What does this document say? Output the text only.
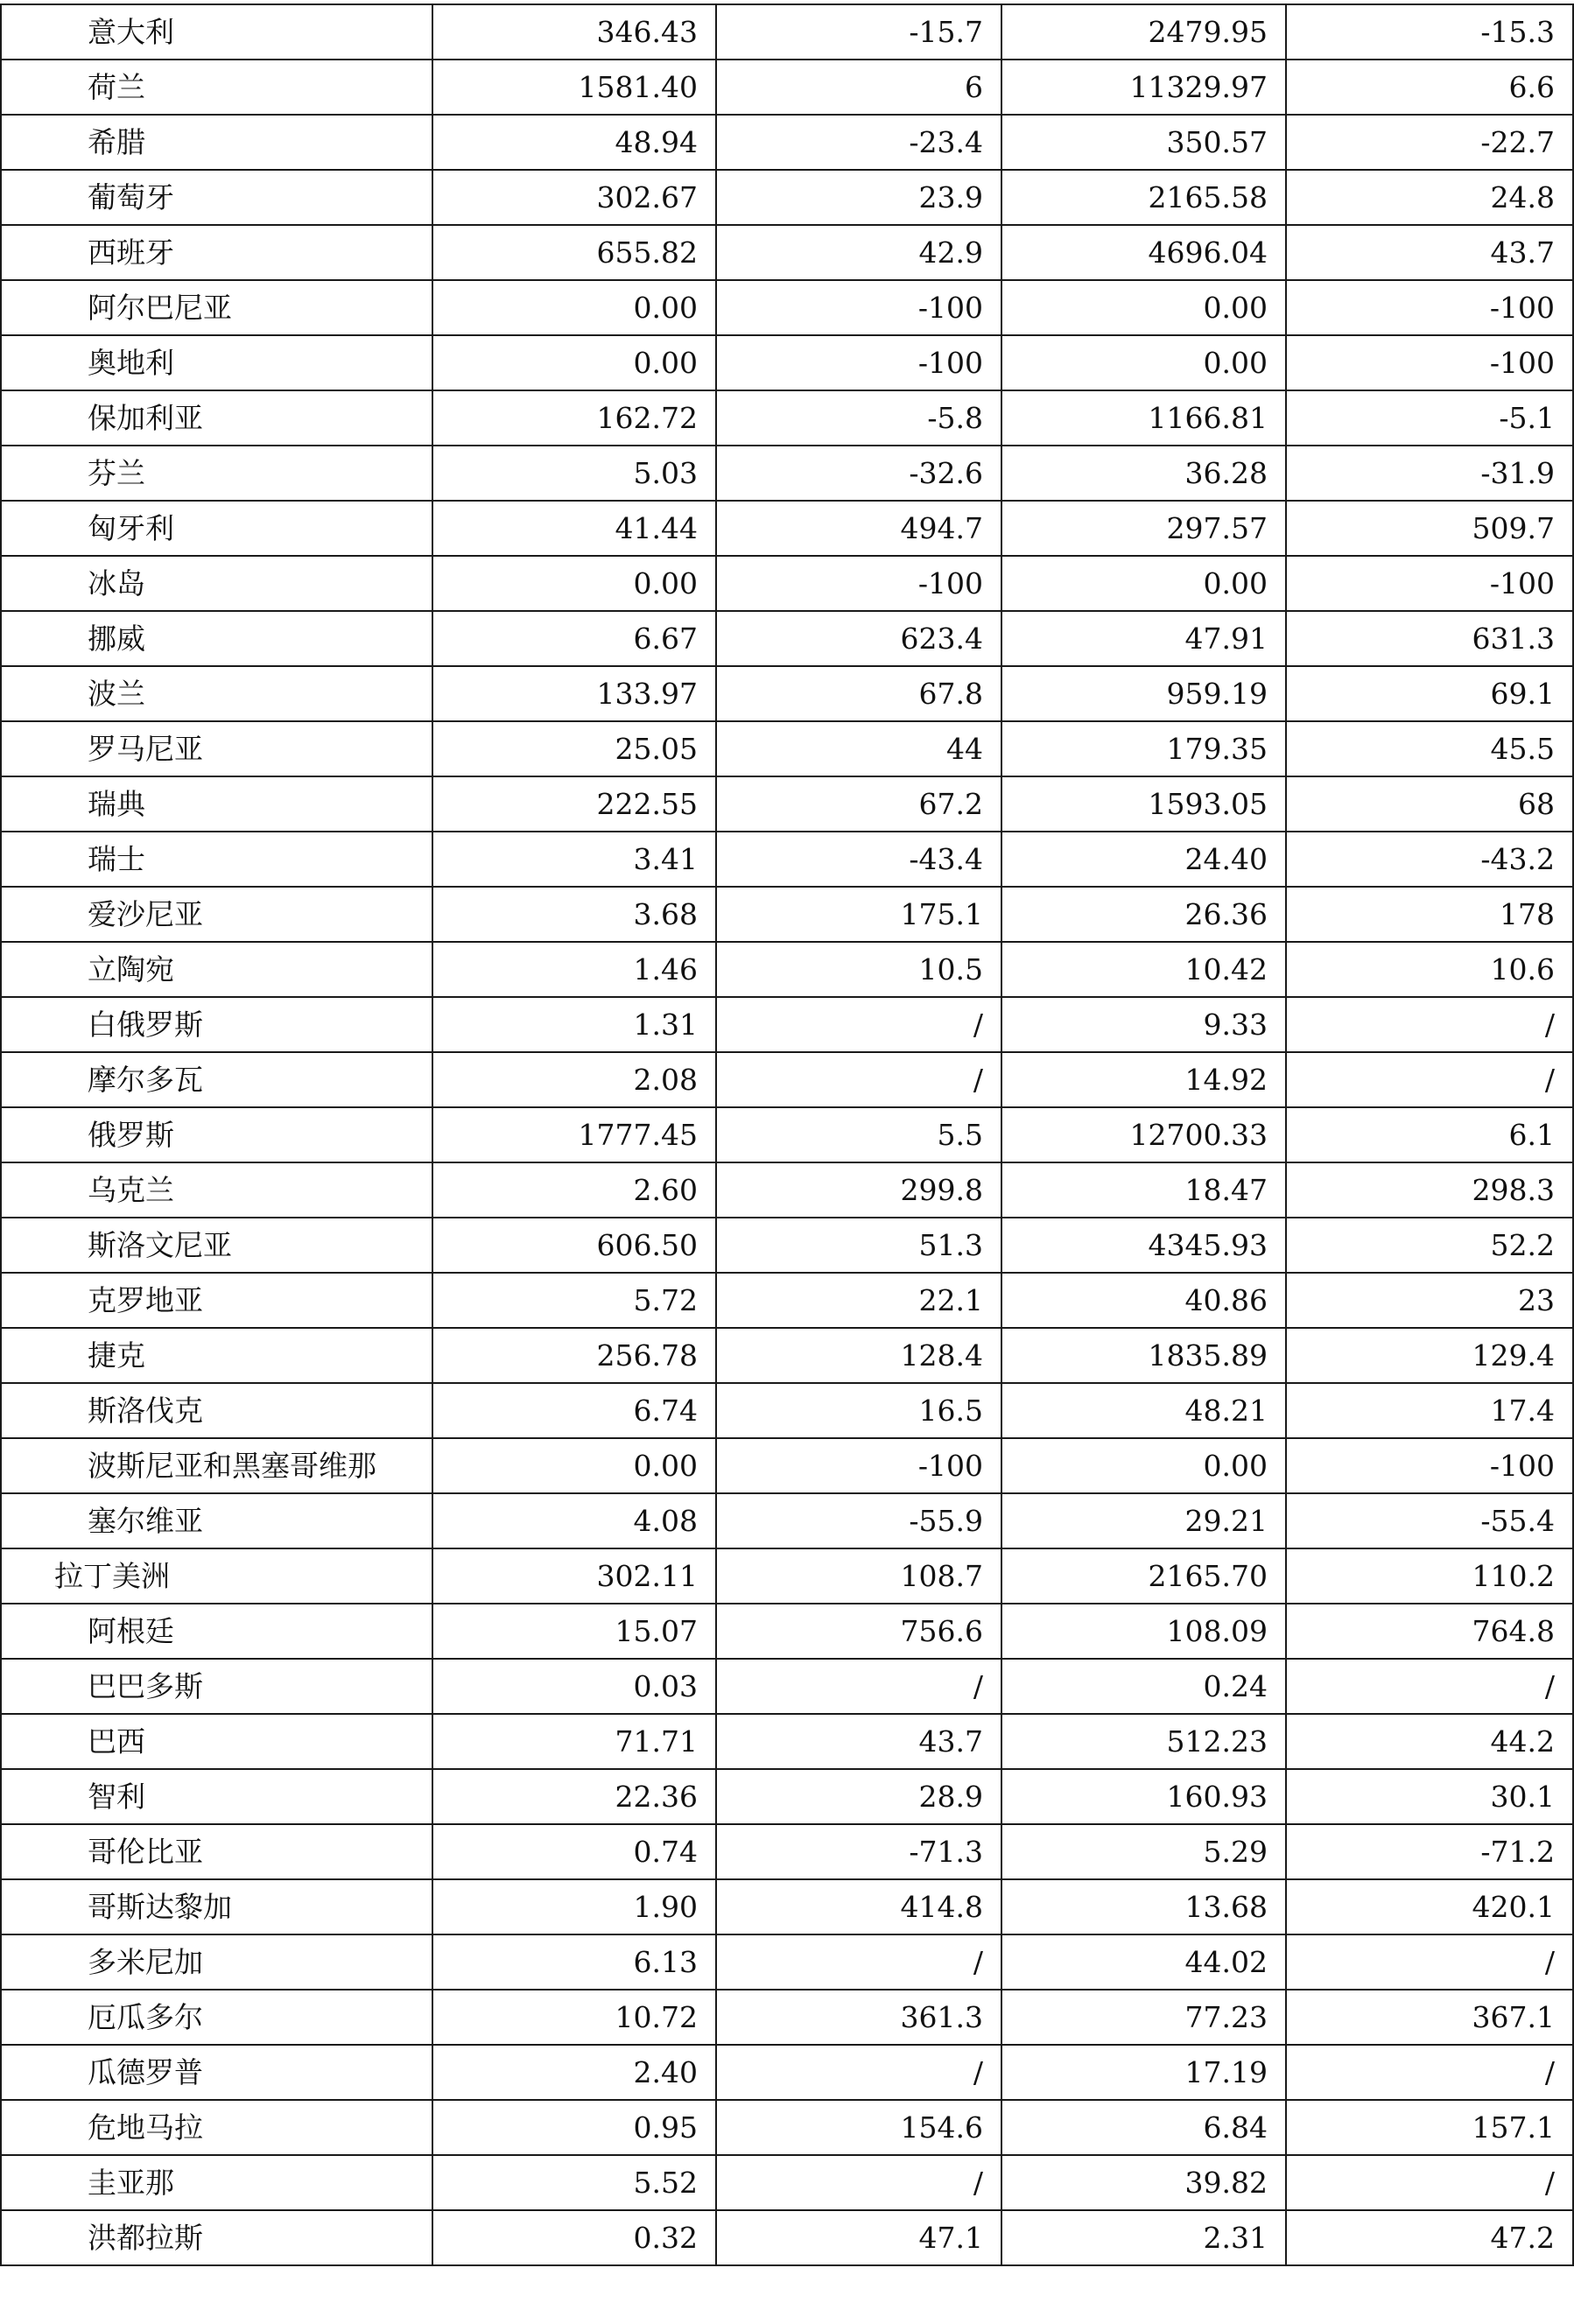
意大利	346.43	-15.7	2479.95	-15.3
荷兰	1581.40	6	11329.97	6.6
希腊	48.94	-23.4	350.57	-22.7
葡萄牙	302.67	23.9	2165.58	24.8
西班牙	655.82	42.9	4696.04	43.7
阿尔巴尼亚	0.00	-100	0.00	-100
奥地利	0.00	-100	0.00	-100
保加利亚	162.72	-5.8	1166.81	-5.1
芬兰	5.03	-32.6	36.28	-31.9
匈牙利	41.44	494.7	297.57	509.7
冰岛	0.00	-100	0.00	-100
挪威	6.67	623.4	47.91	631.3
波兰	133.97	67.8	959.19	69.1
罗马尼亚	25.05	44	179.35	45.5
瑞典	222.55	67.2	1593.05	68
瑞士	3.41	-43.4	24.40	-43.2
爱沙尼亚	3.68	175.1	26.36	178
立陶宛	1.46	10.5	10.42	10.6
白俄罗斯	1.31	/	9.33	/
摩尔多瓦	2.08	/	14.92	/
俄罗斯	1777.45	5.5	12700.33	6.1
乌克兰	2.60	299.8	18.47	298.3
斯洛文尼亚	606.50	51.3	4345.93	52.2
克罗地亚	5.72	22.1	40.86	23
捷克	256.78	128.4	1835.89	129.4
斯洛伐克	6.74	16.5	48.21	17.4
波斯尼亚和黑塞哥维那	0.00	-100	0.00	-100
塞尔维亚	4.08	-55.9	29.21	-55.4
拉丁美洲	302.11	108.7	2165.70	110.2
阿根廷	15.07	756.6	108.09	764.8
巴巴多斯	0.03	/	0.24	/
巴西	71.71	43.7	512.23	44.2
智利	22.36	28.9	160.93	30.1
哥伦比亚	0.74	-71.3	5.29	-71.2
哥斯达黎加	1.90	414.8	13.68	420.1
多米尼加	6.13	/	44.02	/
厄瓜多尔	10.72	361.3	77.23	367.1
瓜德罗普	2.40	/	17.19	/
危地马拉	0.95	154.6	6.84	157.1
圭亚那	5.52	/	39.82	/
洪都拉斯	0.32	47.1	2.31	47.2
